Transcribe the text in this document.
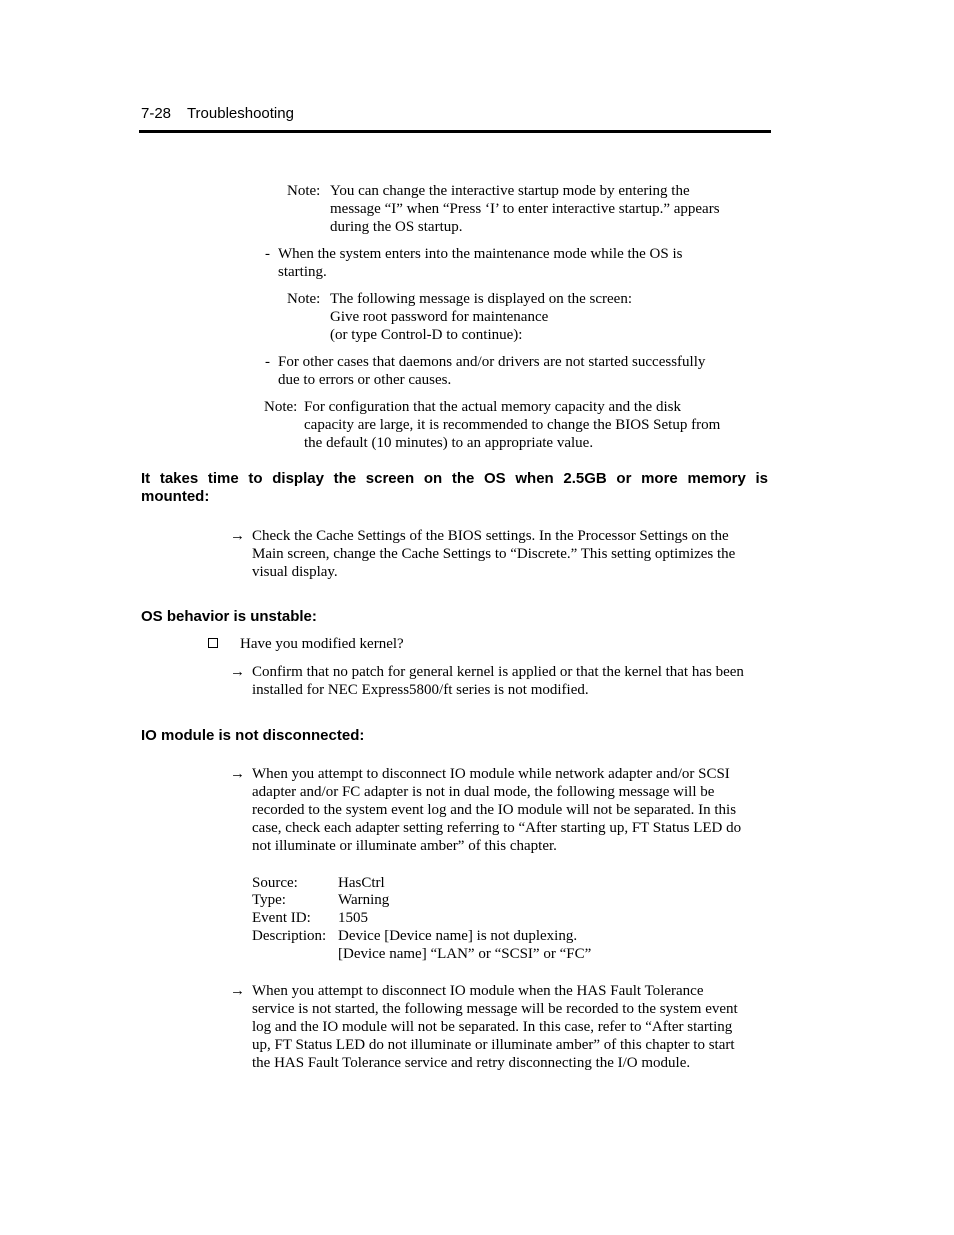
7-28 Troubleshooting
Note: You can change the interactive startup mode by entering the
message “I” when “Press ‘I’ to enter interactive startup.” appears
during the OS startup.
- When the system enters into the maintenance mode while the OS is
starting.
Note: The following message is displayed on the screen:
Give root password for maintenance
(or type Control-D to continue):
- For other cases that daemons and/or drivers are not started successfully
due to errors or other causes.
Note: For configuration that the actual memory capacity and the disk
capacity are large, it is recommended to change the BIOS Setup from
the default (10 minutes) to an appropriate value.
It takes time to display the screen on the OS when 2.5GB or more memory is
mounted:
→ Check the Cache Settings of the BIOS settings. In the Processor Settings on the
Main screen, change the Cache Settings to “Discrete.” This setting optimizes the
visual display.
OS behavior is unstable:
Have you modified kernel?
→ Confirm that no patch for general kernel is applied or that the kernel that has been
installed for NEC Express5800/ft series is not modified.
IO module is not disconnected:
→ When you attempt to disconnect IO module while network adapter and/or SCSI
adapter and/or FC adapter is not in dual mode, the following message will be
recorded to the system event log and the IO module will not be separated. In this
case, check each adapter setting referring to “After starting up, FT Status LED do
not illuminate or illuminate amber” of this chapter.
Source:	HasCtrl
Type:	Warning
Event ID: 1505
Description: Device [Device name] is not duplexing.
[Device name] “LAN” or “SCSI” or “FC”
→ When you attempt to disconnect IO module when the HAS Fault Tolerance
service is not started, the following message will be recorded to the system event
log and the IO module will not be separated. In this case, refer to “After starting
up, FT Status LED do not illuminate or illuminate amber” of this chapter to start
the HAS Fault Tolerance service and retry disconnecting the I/O module.
